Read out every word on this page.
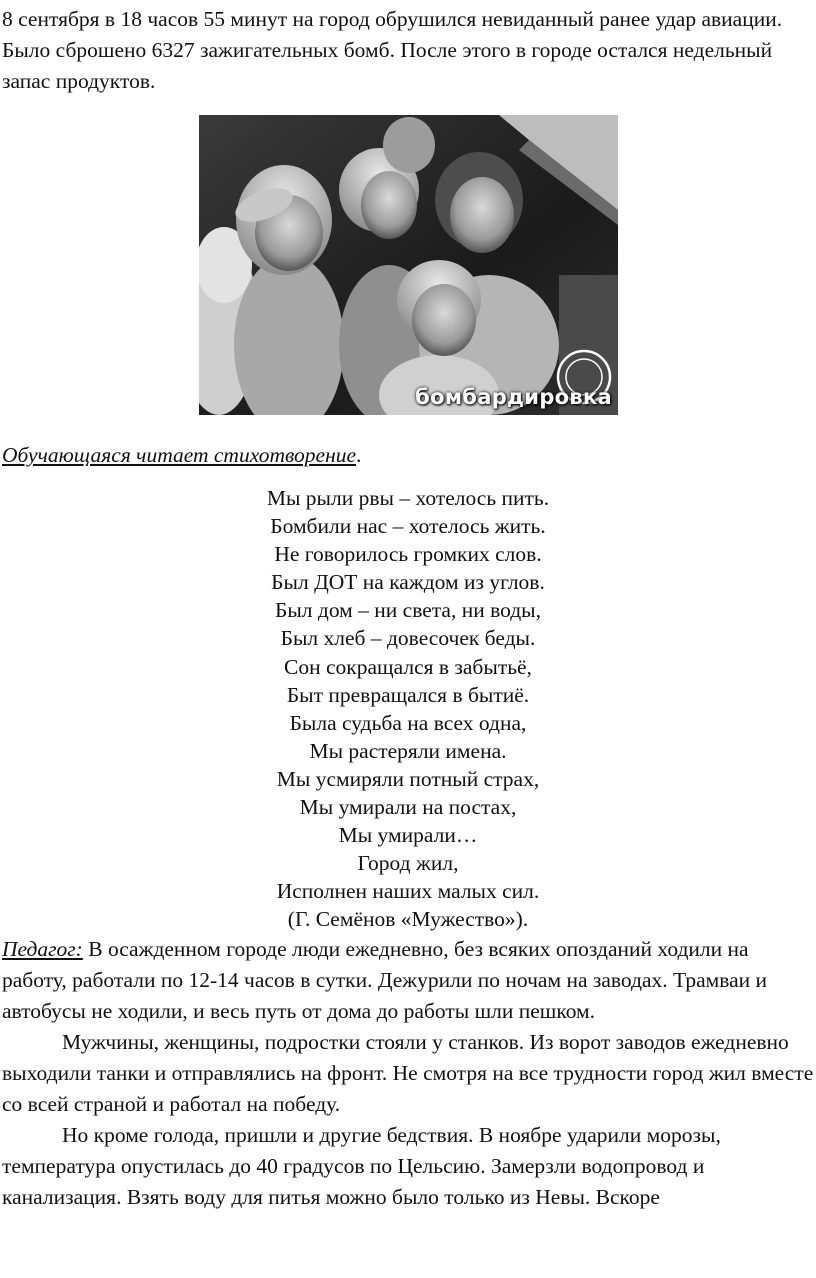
8 сентября в 18 часов 55 минут на город обрушился невиданный ранее удар авиации. Было сброшено 6327 зажигательных бомб. После этого в городе остался недельный запас продуктов.

бомбардировка
Обучающаяся читает стихотворение.
Мы рыли рвы – хотелось пить.
Бомбили нас – хотелось жить.
Не говорилось громких слов.
Был ДОТ на каждом из углов.
Был дом – ни света, ни воды,
Был хлеб – довесочек беды.
Сон сокращался в забытьё,
Быт превращался в бытиё.
Была судьба на всех одна,
Мы растеряли имена.
Мы усмиряли потный страх,
Мы умирали на постах,
Мы умирали…
Город жил,
Исполнен наших малых сил.
(Г. Семёнов «Мужество»).
Педагог: В осажденном городе люди ежедневно, без всяких опозданий ходили на работу, работали по 12-14 часов в сутки. Дежурили по ночам на заводах. Трамваи и автобусы не ходили, и весь путь от дома до работы шли пешком.
Мужчины, женщины, подростки стояли у станков. Из ворот заводов ежедневно выходили танки и отправлялись на фронт. Не смотря на все трудности город жил вместе со всей страной и работал на победу.
Но кроме голода, пришли и другие бедствия. В ноябре ударили морозы, температура опустилась до 40 градусов по Цельсию. Замерзли водопровод и канализация. Взять воду для питья можно было только из Невы. Вскоре
